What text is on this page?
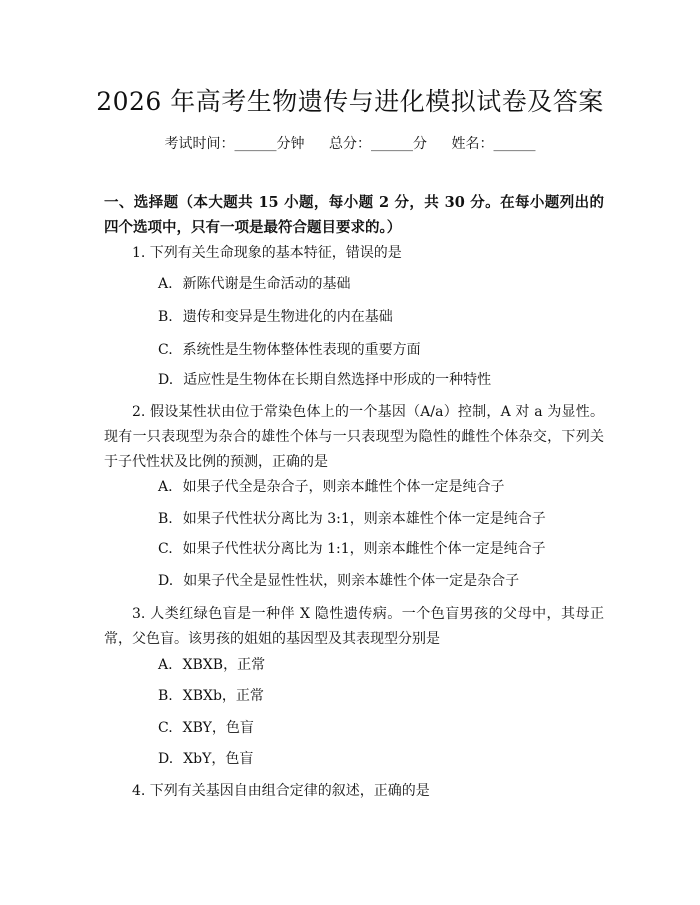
2026 年高考生物遗传与进化模拟试卷及答案
考试时间：______分钟 总分：______分 姓名：______
一、选择题（本大题共 15 小题，每小题 2 分，共 30 分。在每小题列出的四个选项中，只有一项是最符合题目要求的。）
1. 下列有关生命现象的基本特征，错误的是
A. 新陈代谢是生命活动的基础
B. 遗传和变异是生物进化的内在基础
C. 系统性是生物体整体性表现的重要方面
D. 适应性是生物体在长期自然选择中形成的一种特性
2. 假设某性状由位于常染色体上的一个基因（A/a）控制，A 对 a 为显性。现有一只表现型为杂合的雄性个体与一只表现型为隐性的雌性个体杂交，下列关于子代性状及比例的预测，正确的是
A. 如果子代全是杂合子，则亲本雌性个体一定是纯合子
B. 如果子代性状分离比为 3:1，则亲本雄性个体一定是纯合子
C. 如果子代性状分离比为 1:1，则亲本雌性个体一定是纯合子
D. 如果子代全是显性性状，则亲本雄性个体一定是杂合子
3. 人类红绿色盲是一种伴 X 隐性遗传病。一个色盲男孩的父母中，其母正常，父色盲。该男孩的姐姐的基因型及其表现型分别是
A. XBXB，正常
B. XBXb，正常
C. XBY，色盲
D. XbY，色盲
4. 下列有关基因自由组合定律的叙述，正确的是
